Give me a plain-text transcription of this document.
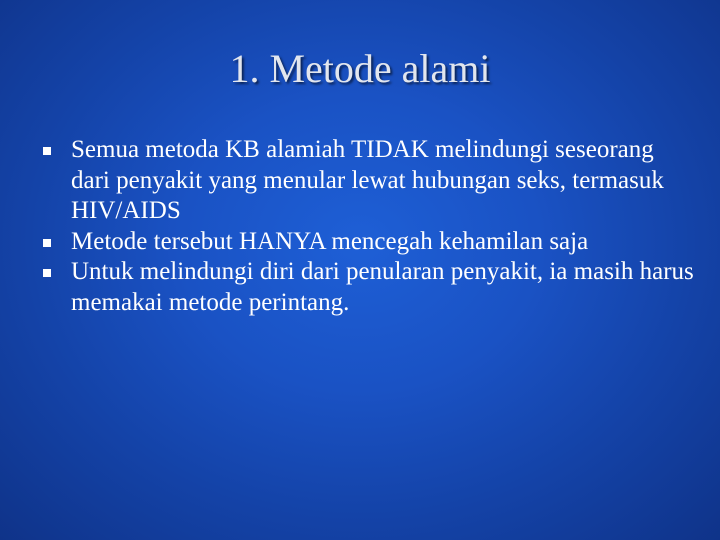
1. Metode alami
Semua metoda KB alamiah TIDAK melindungi seseorang dari penyakit yang menular lewat hubungan seks, termasuk HIV/AIDS
Metode tersebut HANYA mencegah kehamilan saja
Untuk melindungi diri dari penularan penyakit, ia masih harus memakai metode perintang.
